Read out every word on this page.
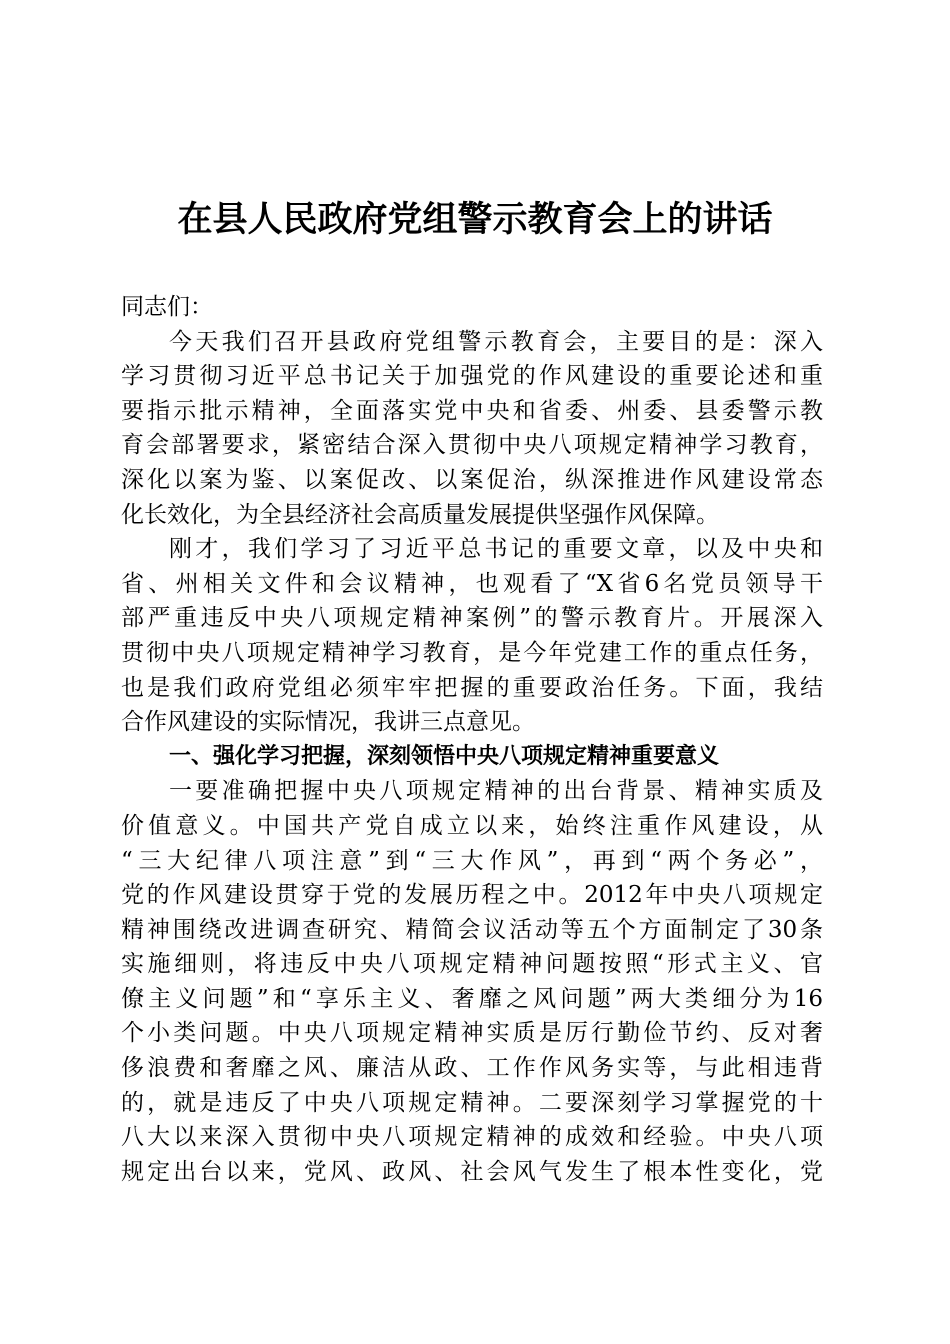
在县人民政府党组警示教育会上的讲话
同志们：
今天我们召开县政府党组警示教育会，主要目的是：深入
学习贯彻习近平总书记关于加强党的作风建设的重要论述和重
要指示批示精神，全面落实党中央和省委、州委、县委警示教
育会部署要求，紧密结合深入贯彻中央八项规定精神学习教育，
深化以案为鉴、以案促改、以案促治，纵深推进作风建设常态
化长效化，为全县经济社会高质量发展提供坚强作风保障。
刚才，我们学习了习近平总书记的重要文章，以及中央和
省、州相关文件和会议精神，也观看了“X省6名党员领导干
部严重违反中央八项规定精神案例”的警示教育片。开展深入
贯彻中央八项规定精神学习教育，是今年党建工作的重点任务，
也是我们政府党组必须牢牢把握的重要政治任务。下面，我结
合作风建设的实际情况，我讲三点意见。
一、强化学习把握，深刻领悟中央八项规定精神重要意义
一要准确把握中央八项规定精神的出台背景、精神实质及
价值意义。中国共产党自成立以来，始终注重作风建设，从
“三大纪律八项注意”到“三大作风”，再到“两个务必”，
党的作风建设贯穿于党的发展历程之中。2012年中央八项规定
精神围绕改进调查研究、精简会议活动等五个方面制定了30条
实施细则，将违反中央八项规定精神问题按照“形式主义、官
僚主义问题”和“享乐主义、奢靡之风问题”两大类细分为16
个小类问题。中央八项规定精神实质是厉行勤俭节约、反对奢
侈浪费和奢靡之风、廉洁从政、工作作风务实等，与此相违背
的，就是违反了中央八项规定精神。二要深刻学习掌握党的十
八大以来深入贯彻中央八项规定精神的成效和经验。中央八项
规定出台以来，党风、政风、社会风气发生了根本性变化，党
